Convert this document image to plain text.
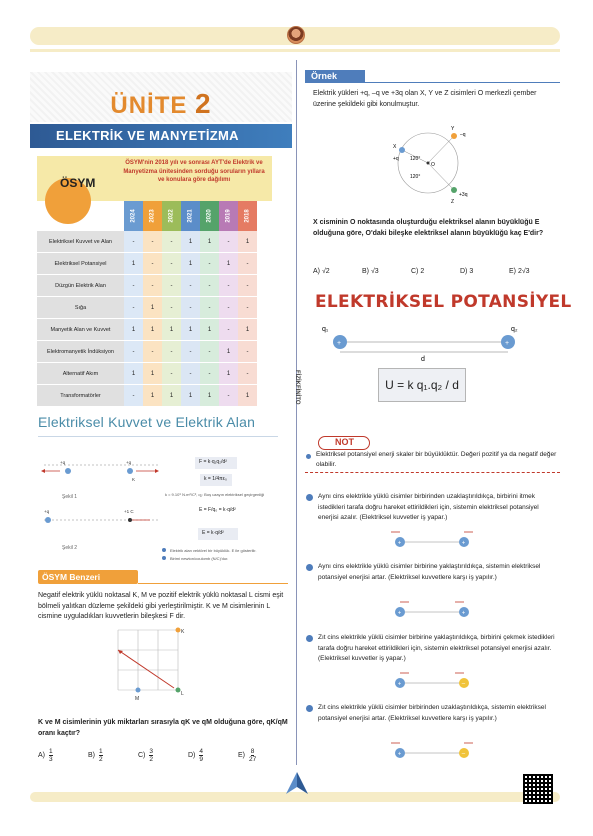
FİZİKFİNİTO
ÜNİTE 2
ELEKTRİK VE MANYETİZMA
ÖSYM
ÖSYM'nin 2018 yılı ve sonrası AYT'de Elektrik ve Manyetizma ünitesinden sorduğu soruların yıllara ve konulara göre dağılımı
2024 2023 2022 2021 2020 2019 2018
Elektriksel Kuvvet ve Alan	-	-	-	1	1	-	1
Elektriksel Potansiyel	1	-	-	1	-	1	-
Düzgün Elektrik Alan	-	-	-	-	-	-	-
Sığa	-	1	-	-	-	-	-
Manyetik Alan ve Kuvvet	1	1	1	1	1	-	1
Elektromanyetik İndüksiyon	-	-	-	-	-	1	-
Alternatif Akım	1	1	-	-	-	1	-
Transformatörler	-	1	1	1	1	-	1
Elektriksel Kuvvet ve Elektrik Alan
+q	+q
K
+q	+1 C
Şekil 1
Şekil 2
F = k·q₁q₂/d²
k = 1/4πε₀
k = 9.10⁹ N.m²/C², q₁: Boş uzayın elektriksel geçirgenliği
E = F/q₀ = k·q/d²
E = k·q/d²
Elektrik alan vektörel bir büyüklük. E ile gösterilir.
Birimi newton/coulomb (N/C)'dur.
ÖSYM Benzeri
Negatif elektrik yüklü noktasal K, M ve pozitif elektrik yüklü noktasal L cismi eşit bölmeli yalıtkan düzleme şekildeki gibi yerleştirilmiştir. K ve M cisimlerinin L cismine uyguladıkları kuvvetlerin bileşkesi F dir.
K
L
M
K ve M cisimlerinin yük miktarları sırasıyla qK ve qM olduğuna göre, qK/qM oranı kaçtır?
$A) \frac{1}{3}$	$B) \frac{1}{2}$	$C) \frac{3}{2}$	$D) \frac{4}{9}$	$E) \frac{8}{27}$
Örnek
Elektrik yükleri +q, –q ve +3q olan X, Y ve Z cisimleri O merkezli çember üzerine şekildeki gibi konulmuştur.
X
+q
Y
–q
Z
+3q
O
120°
120°
X cisminin O noktasında oluşturduğu elektriksel alanın büyüklüğü E olduğuna göre, O'daki bileşke elektriksel alanın büyüklüğü kaç E'dir?
A) √2	B) √3	C) 2	D) 3	E) 2√3
ELEKTRİKSEL POTANSİYEL
+	+
q₁	q₂
d
U = k q₁.q₂ / d
NOT
Elektriksel potansiyel enerji skaler bir büyüklüktür. Değeri pozitif ya da negatif değer olabilir.
Aynı cins elektrikle yüklü cisimler birbirinden uzaklaştırıldıkça, birbirini itmek istedikleri tarafa doğru hareket ettirildikleri için, sistemin elektriksel potansiyel enerjisi azalır. (Elektriksel kuvvetler iş yapar.)
+	+
Aynı cins elektrikle yüklü cisimler birbirine yaklaştırıldıkça, sistemin elektriksel potansiyel enerjisi artar. (Elektriksel kuvvetlere karşı iş yapılır.)
+	+
Zıt cins elektrikle yüklü cisimler birbirine yaklaştırıldıkça, birbirini çekmek istedikleri tarafa doğru hareket ettirildikleri için, sistemin elektriksel potansiyel enerjisi azalır. (Elektriksel kuvvetler iş yapar.)
+	–
Zıt cins elektrikle yüklü cisimler birbirinden uzaklaştırıldıkça, sistemin elektriksel potansiyel enerjisi artar. (Elektriksel kuvvetlere karşı iş yapılır.)
+	–
